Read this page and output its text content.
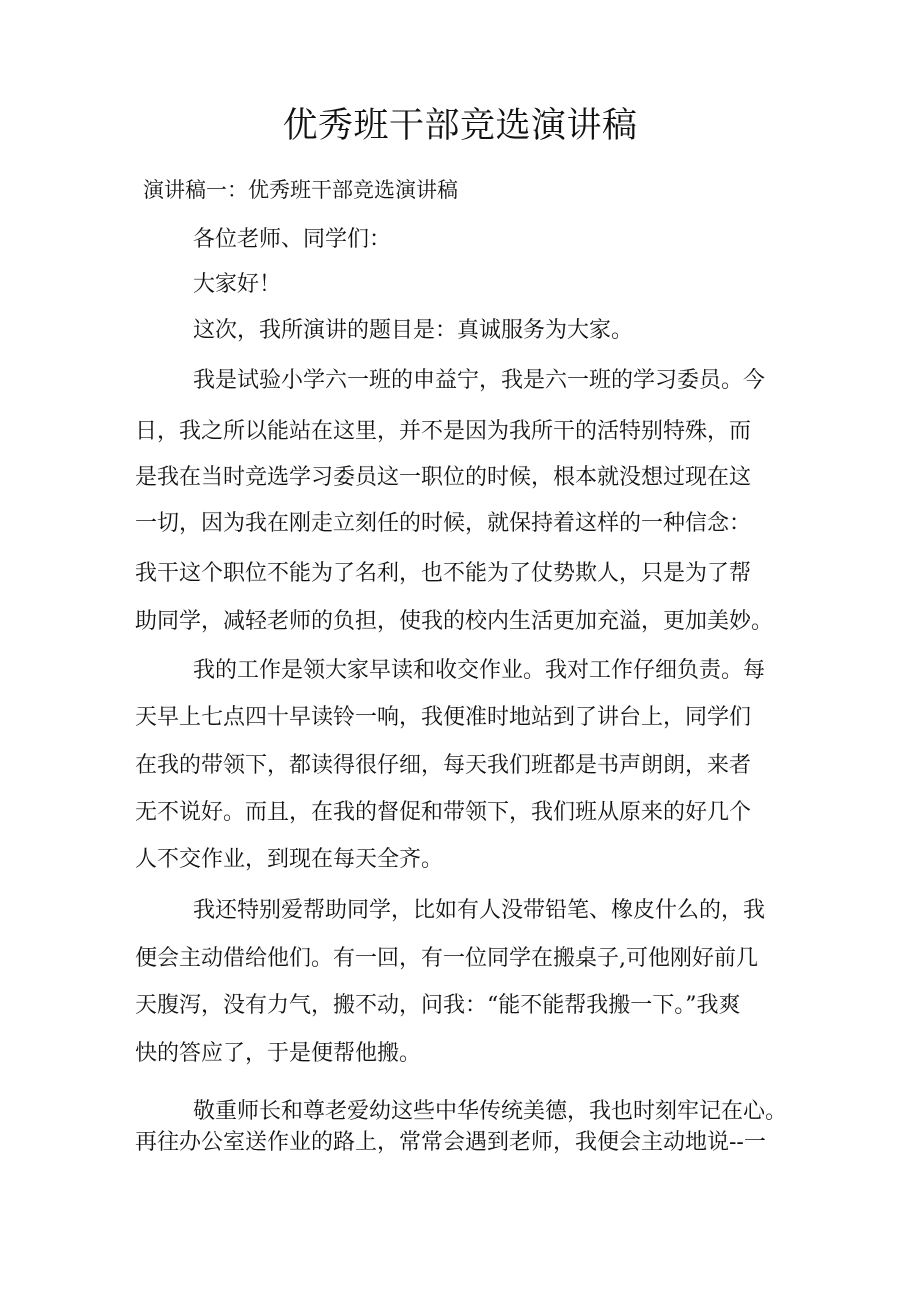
优秀班干部竞选演讲稿
演讲稿一：优秀班干部竞选演讲稿
各位老师、同学们：
大家好！
这次，我所演讲的题目是：真诚服务为大家。
我是试验小学六一班的申益宁，我是六一班的学习委员。今
日，我之所以能站在这里，并不是因为我所干的活特别特殊，而
是我在当时竞选学习委员这一职位的时候，根本就没想过现在这
一切，因为我在刚走立刻任的时候，就保持着这样的一种信念：
我干这个职位不能为了名利，也不能为了仗势欺人，只是为了帮
助同学，减轻老师的负担，使我的校内生活更加充溢，更加美妙。
我的工作是领大家早读和收交作业。我对工作仔细负责。每
天早上七点四十早读铃一响，我便准时地站到了讲台上，同学们
在我的带领下，都读得很仔细，每天我们班都是书声朗朗，来者
无不说好。而且，在我的督促和带领下，我们班从原来的好几个
人不交作业，到现在每天全齐。
我还特别爱帮助同学，比如有人没带铅笔、橡皮什么的，我
便会主动借给他们。有一回，有一位同学在搬桌子,可他刚好前几
天腹泻，没有力气，搬不动，问我：“能不能帮我搬一下。”我爽
快的答应了，于是便帮他搬。
敬重师长和尊老爱幼这些中华传统美德，我也时刻牢记在心。
再往办公室送作业的路上，常常会遇到老师，我便会主动地说--一
